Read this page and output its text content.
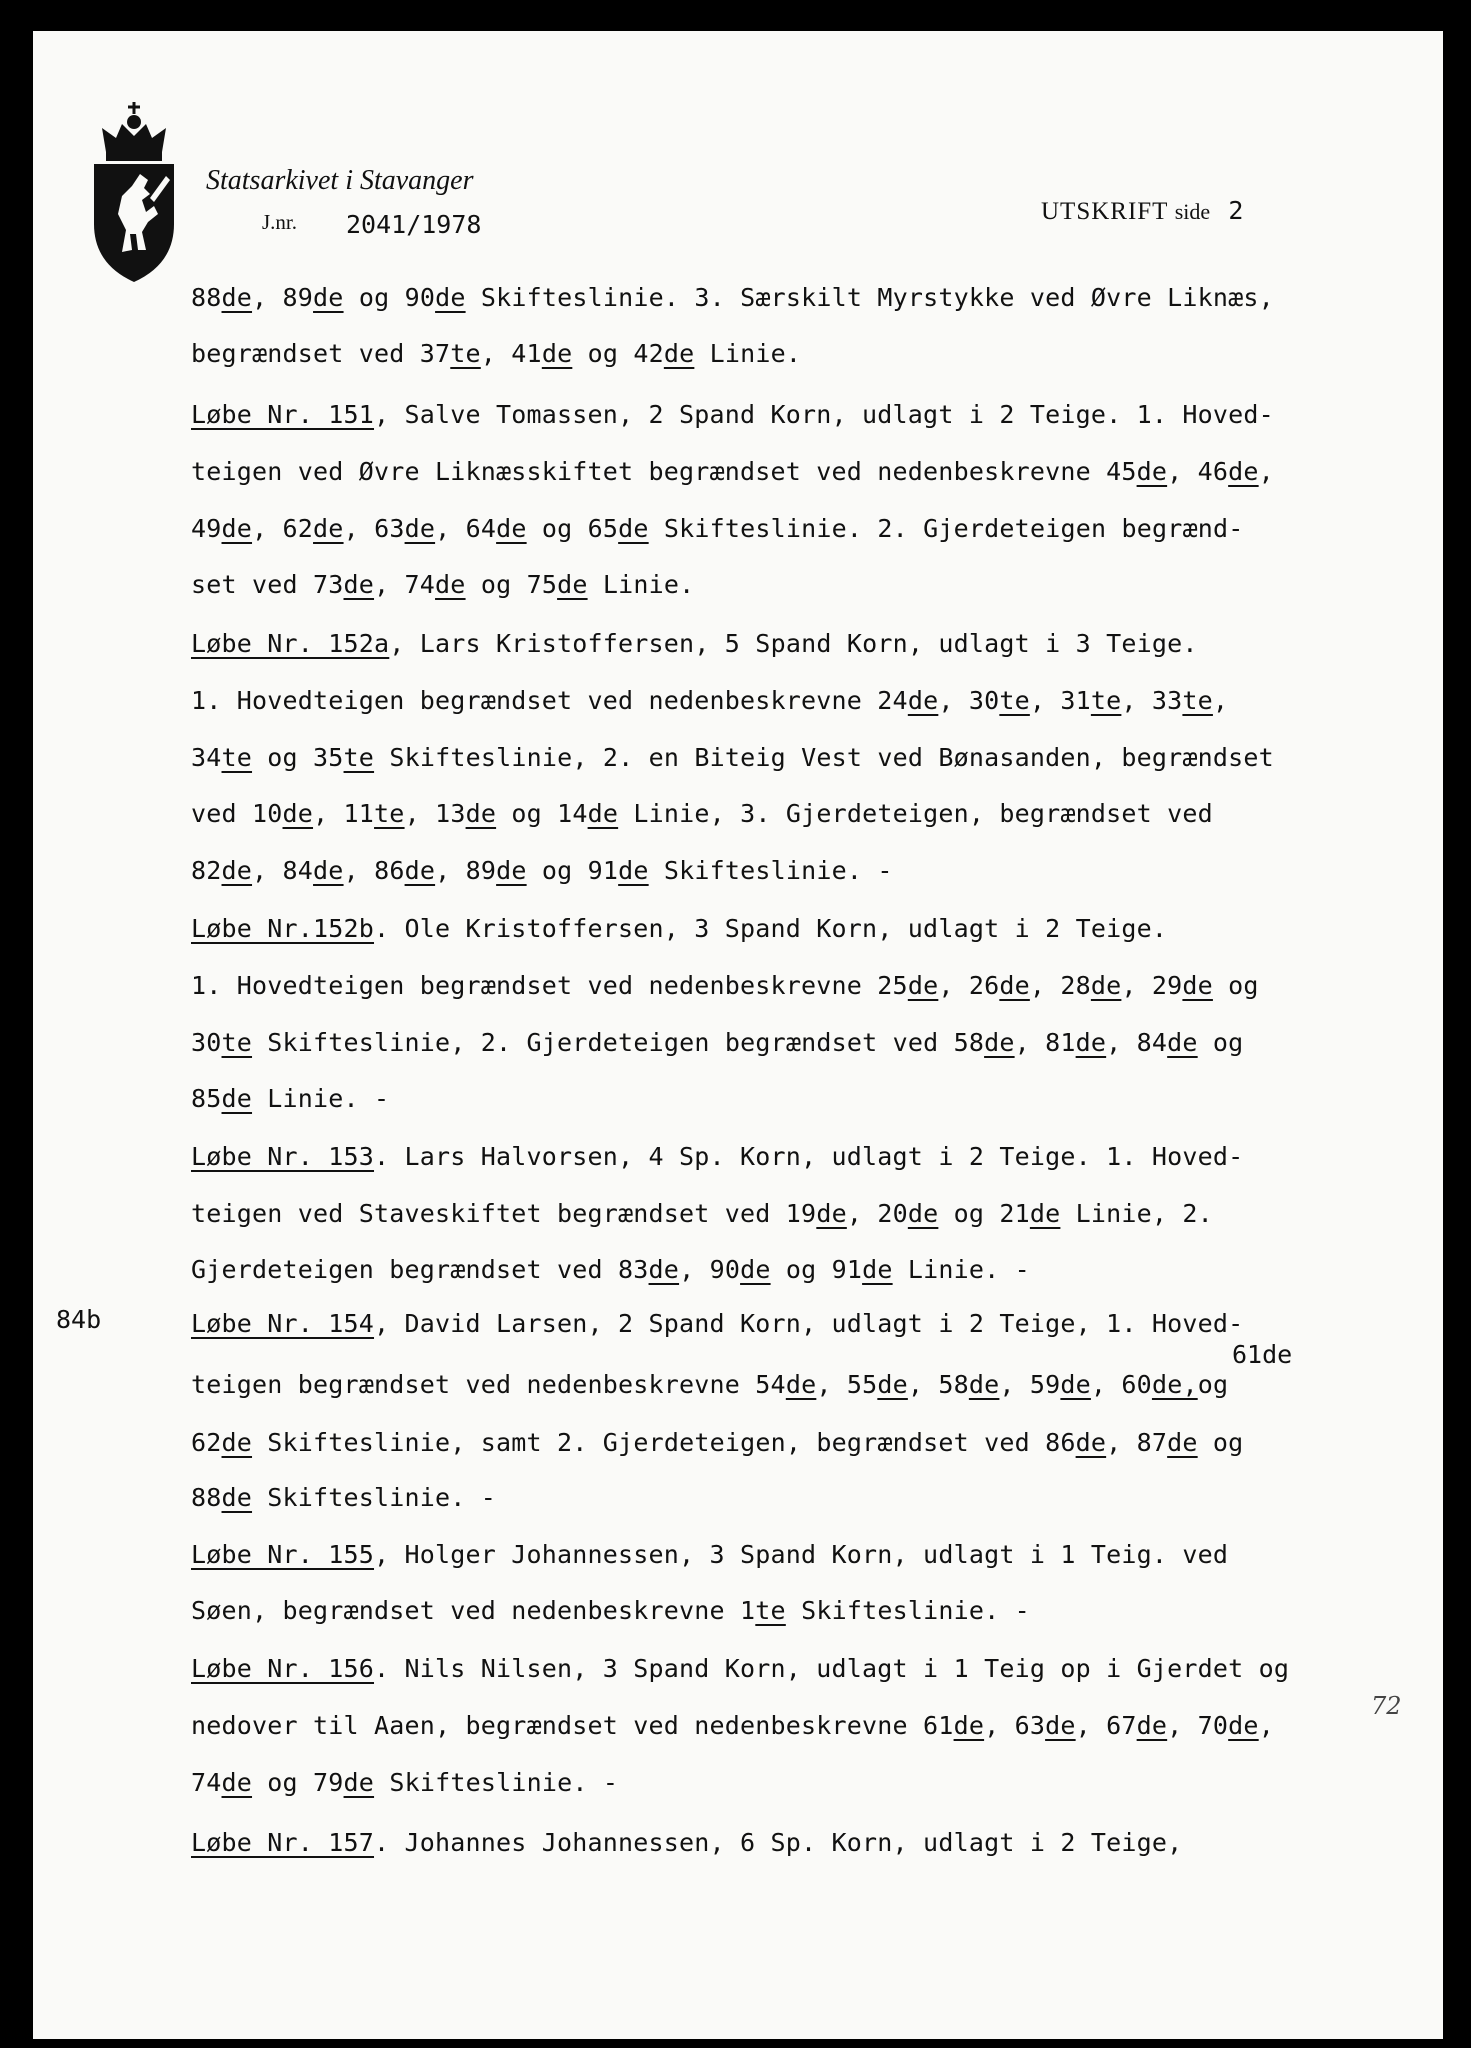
Statsarkivet i Stavanger

J.nr. 2041/1978	UTSKRIFT side 2
84b
61de
72

88de, 89de og 90de Skifteslinie. 3. Særskilt Myrstykke ved Øvre Liknæs,

begrændset ved 37te, 41de og 42de Linie.

Løbe Nr. 151, Salve Tomassen, 2 Spand Korn, udlagt i 2 Teige. 1. Hoved-

teigen ved Øvre Liknæsskiftet begrændset ved nedenbeskrevne 45de, 46de,

49de, 62de, 63de, 64de og 65de Skifteslinie. 2. Gjerdeteigen begrænd-

set ved 73de, 74de og 75de Linie.

Løbe Nr. 152a, Lars Kristoffersen, 5 Spand Korn, udlagt i 3 Teige.

1. Hovedteigen begrændset ved nedenbeskrevne 24de, 30te, 31te, 33te,

34te og 35te Skifteslinie, 2. en Biteig Vest ved Bønasanden, begrændset

ved 10de, 11te, 13de og 14de Linie, 3. Gjerdeteigen, begrændset ved

82de, 84de, 86de, 89de og 91de Skifteslinie. -

Løbe Nr.152b. Ole Kristoffersen, 3 Spand Korn, udlagt i 2 Teige.

1. Hovedteigen begrændset ved nedenbeskrevne 25de, 26de, 28de, 29de og

30te Skifteslinie, 2. Gjerdeteigen begrændset ved 58de, 81de, 84de og

85de Linie. -

Løbe Nr. 153. Lars Halvorsen, 4 Sp. Korn, udlagt i 2 Teige. 1. Hoved-

teigen ved Staveskiftet begrændset ved 19de, 20de og 21de Linie, 2.

Gjerdeteigen begrændset ved 83de, 90de og 91de Linie. -

Løbe Nr. 154, David Larsen, 2 Spand Korn, udlagt i 2 Teige, 1. Hoved-

teigen begrændset ved nedenbeskrevne 54de, 55de, 58de, 59de, 60de,og

62de Skifteslinie, samt 2. Gjerdeteigen, begrændset ved 86de, 87de og

88de Skifteslinie. -

Løbe Nr. 155, Holger Johannessen, 3 Spand Korn, udlagt i 1 Teig. ved

Søen, begrændset ved nedenbeskrevne 1te Skifteslinie. -

Løbe Nr. 156. Nils Nilsen, 3 Spand Korn, udlagt i 1 Teig op i Gjerdet og

nedover til Aaen, begrændset ved nedenbeskrevne 61de, 63de, 67de, 70de,

74de og 79de Skifteslinie. -

Løbe Nr. 157. Johannes Johannessen, 6 Sp. Korn, udlagt i 2 Teige,
